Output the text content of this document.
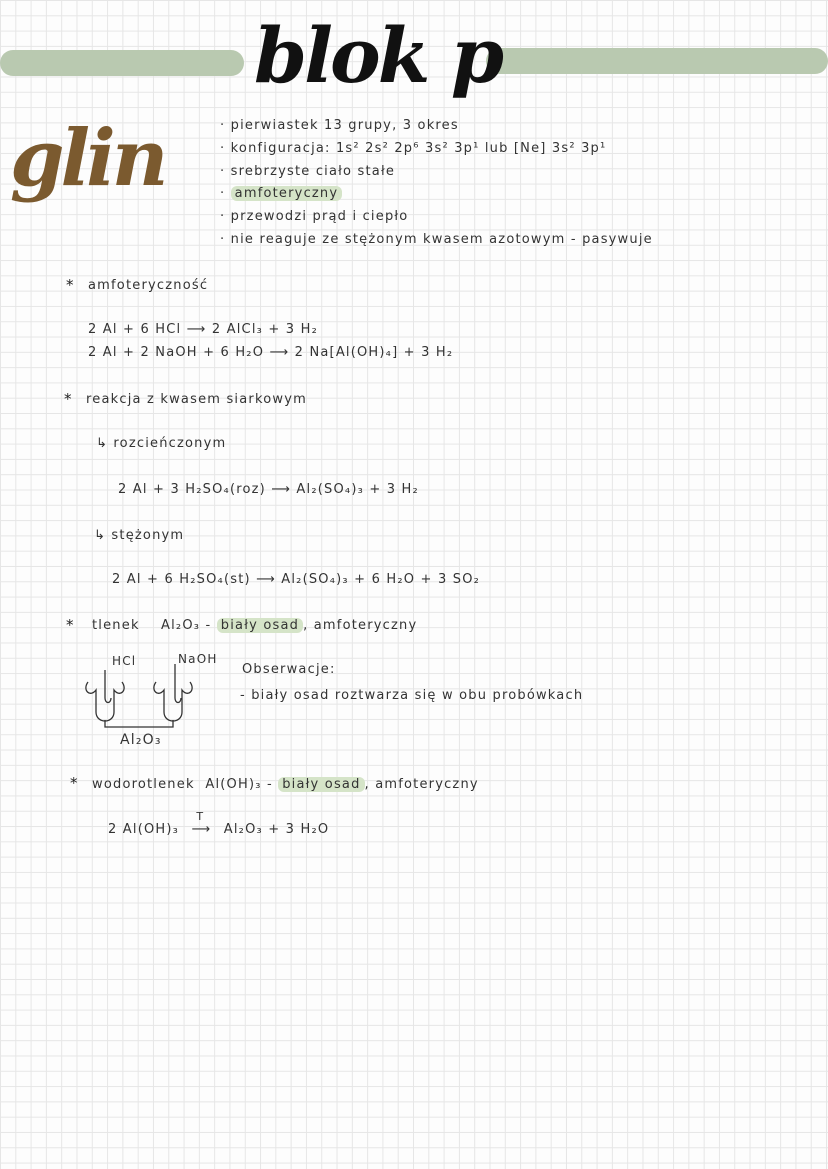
blok p
glin	· pierwiastek 13 grupy, 3 okres
· konfiguracja: 1s² 2s² 2p⁶ 3s² 3p¹ lub [Ne] 3s² 3p¹
· srebrzyste ciało stałe
· amfoteryczny
· przewodzi prąd i ciepło
· nie reaguje ze stężonym kwasem azotowym - pasywuje
* amfoteryczność
2 Al + 6 HCl ⟶ 2 AlCl₃ + 3 H₂
2 Al + 2 NaOH + 6 H₂O ⟶ 2 Na[Al(OH)₄] + 3 H₂
* reakcja z kwasem siarkowym
↳ rozcieńczonym
2 Al + 3 H₂SO₄(roz) ⟶ Al₂(SO₄)₃ + 3 H₂
↳ stężonym
2 Al + 6 H₂SO₄(st) ⟶ Al₂(SO₄)₃ + 6 H₂O + 3 SO₂
* tlenek Al₂O₃ - biały osad , amfoteryczny
HCl	NaOH
Al₂O₃
Obserwacje:
- biały osad roztwarza się w obu probówkach
* wodorotlenek Al(OH)₃ - biały osad , amfoteryczny
2 Al(OH)₃
T
⟶ Al₂O₃ + 3 H₂O
